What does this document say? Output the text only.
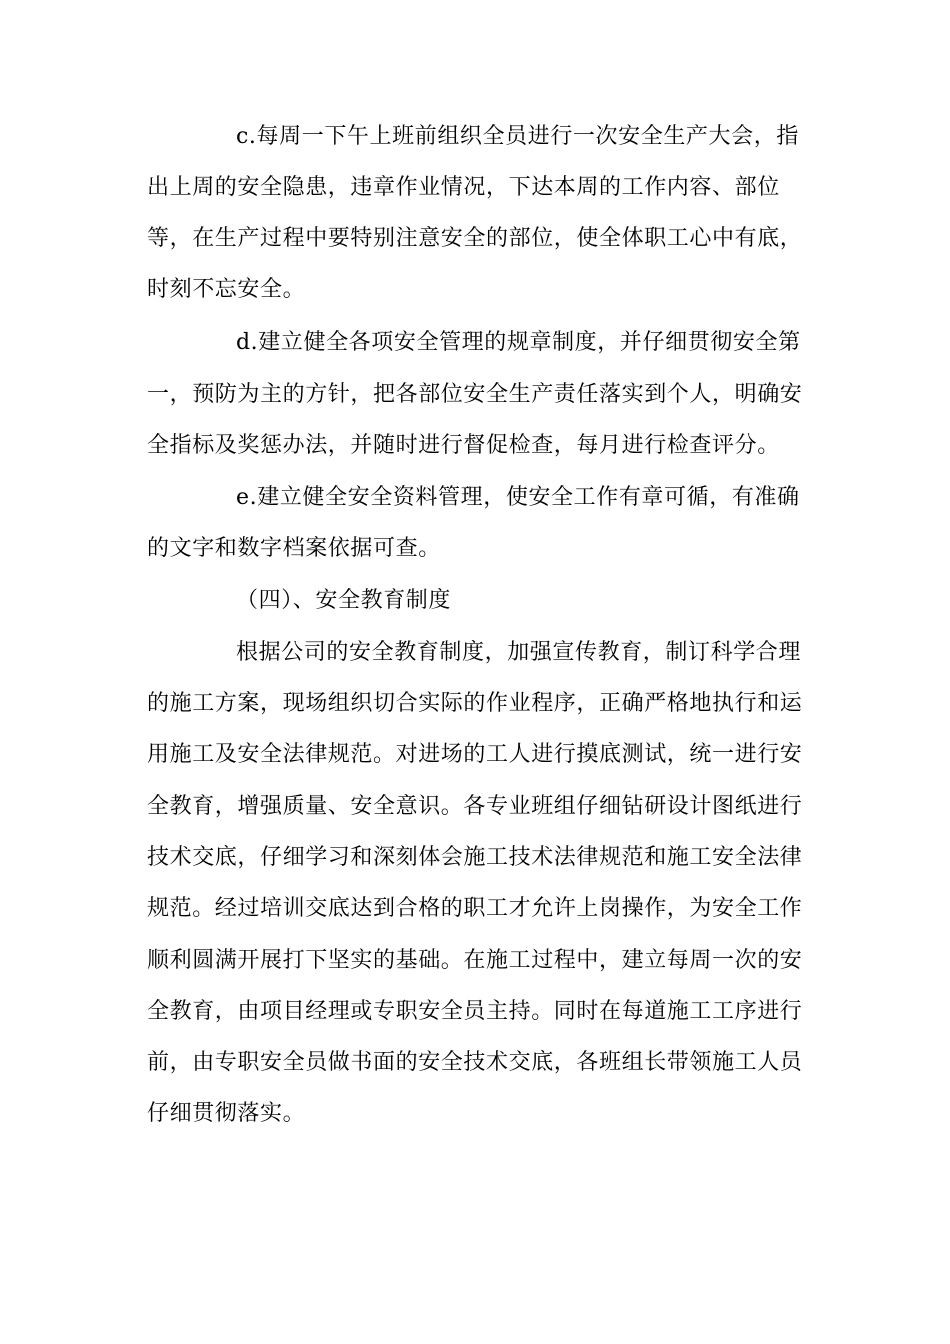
c.每周一下午上班前组织全员进行一次安全生产大会，指
出上周的安全隐患，违章作业情况，下达本周的工作内容、部位
等，在生产过程中要特别注意安全的部位，使全体职工心中有底，
时刻不忘安全。
d.建立健全各项安全管理的规章制度，并仔细贯彻安全第
一，预防为主的方针，把各部位安全生产责任落实到个人，明确安
全指标及奖惩办法，并随时进行督促检查，每月进行检查评分。
e.建立健全安全资料管理，使安全工作有章可循，有准确
的文字和数字档案依据可查。
（四）、安全教育制度
根据公司的安全教育制度，加强宣传教育，制订科学合理
的施工方案，现场组织切合实际的作业程序，正确严格地执行和运
用施工及安全法律规范。对进场的工人进行摸底测试，统一进行安
全教育，增强质量、安全意识。各专业班组仔细钻研设计图纸进行
技术交底，仔细学习和深刻体会施工技术法律规范和施工安全法律
规范。经过培训交底达到合格的职工才允许上岗操作，为安全工作
顺利圆满开展打下坚实的基础。在施工过程中，建立每周一次的安
全教育，由项目经理或专职安全员主持。同时在每道施工工序进行
前，由专职安全员做书面的安全技术交底，各班组长带领施工人员
仔细贯彻落实。
